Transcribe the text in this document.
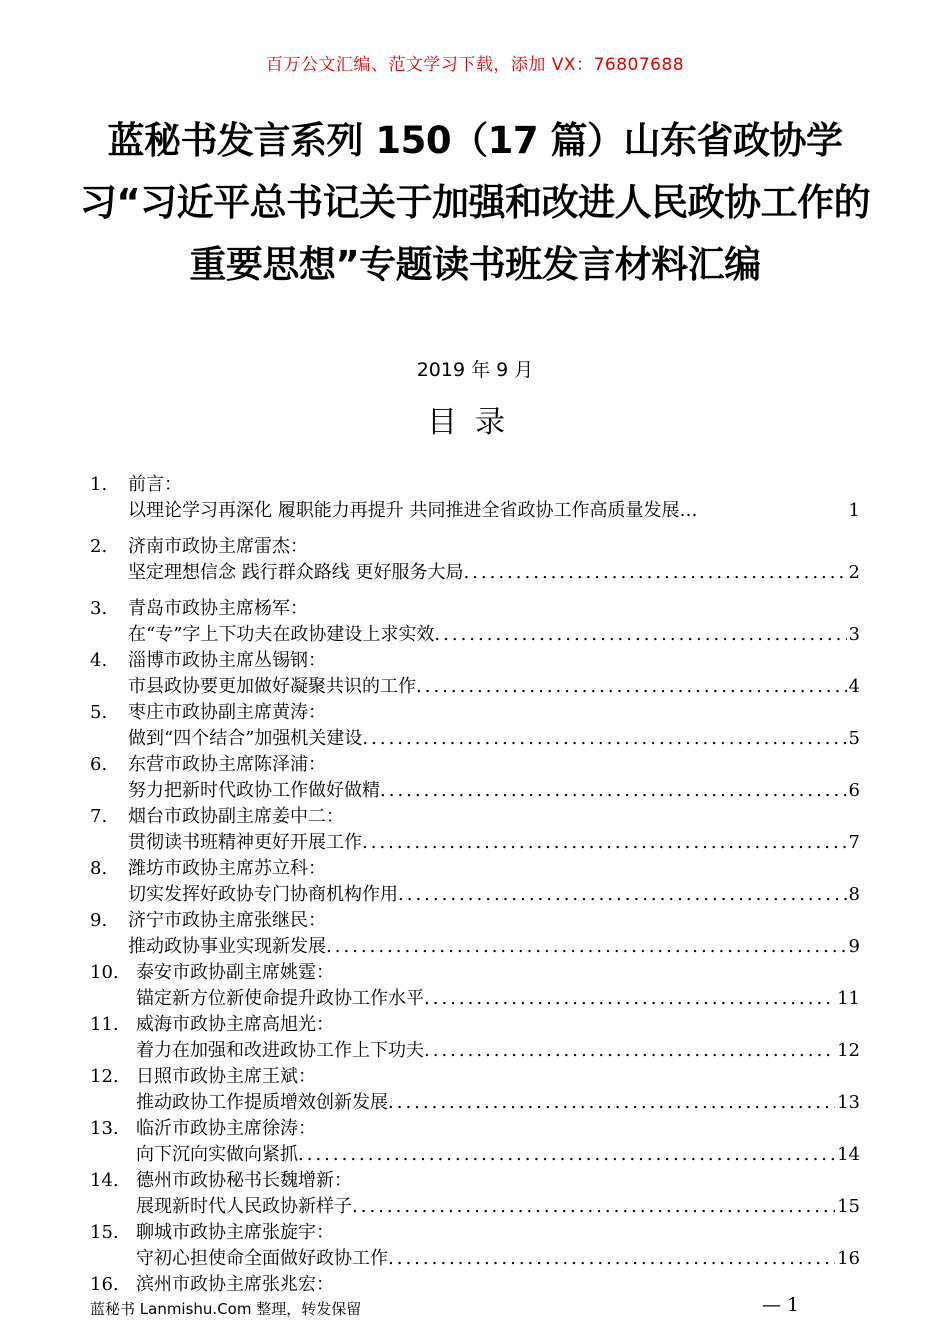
百万公文汇编、范文学习下载，添加 VX：76807688
蓝秘书发言系列 150（17 篇）山东省政协学习“习近平总书记关于加强和改进人民政协工作的重要思想”专题读书班发言材料汇编
2019 年 9 月
目录
1. 前言：
以理论学习再深化 履职能力再提升 共同推进全省政协工作高质量发展…	1
2. 济南市政协主席雷杰：
坚定理想信念 践行群众路线 更好服务大局 .....	2
3. 青岛市政协主席杨军：
在“专”字上下功夫在政协建设上求实效 .....	3
4. 淄博市政协主席丛锡钢：
市县政协要更加做好凝聚共识的工作 .....	4
5. 枣庄市政协副主席黄涛：
做到“四个结合”加强机关建设 .....	5
6. 东营市政协主席陈泽浦：
努力把新时代政协工作做好做精 .....	6
7. 烟台市政协副主席姜中二：
贯彻读书班精神更好开展工作 .....	7
8. 潍坊市政协主席苏立科：
切实发挥好政协专门协商机构作用 .....	8
9. 济宁市政协主席张继民：
推动政协事业实现新发展 .....	9
10. 泰安市政协副主席姚霆：
锚定新方位新使命提升政协工作水平 .....	11
11. 威海市政协主席高旭光：
着力在加强和改进政协工作上下功夫 .....	12
12. 日照市政协主席王斌：
推动政协工作提质增效创新发展 .....	13
13. 临沂市政协主席徐涛：
向下沉向实做向紧抓 .....	14
14. 德州市政协秘书长魏增新：
展现新时代人民政协新样子 .....	15
15. 聊城市政协主席张旋宇：
守初心担使命全面做好政协工作 .....	16
16. 滨州市政协主席张兆宏：
蓝秘书 Lanmishu.Com 整理，转发保留	— 1
